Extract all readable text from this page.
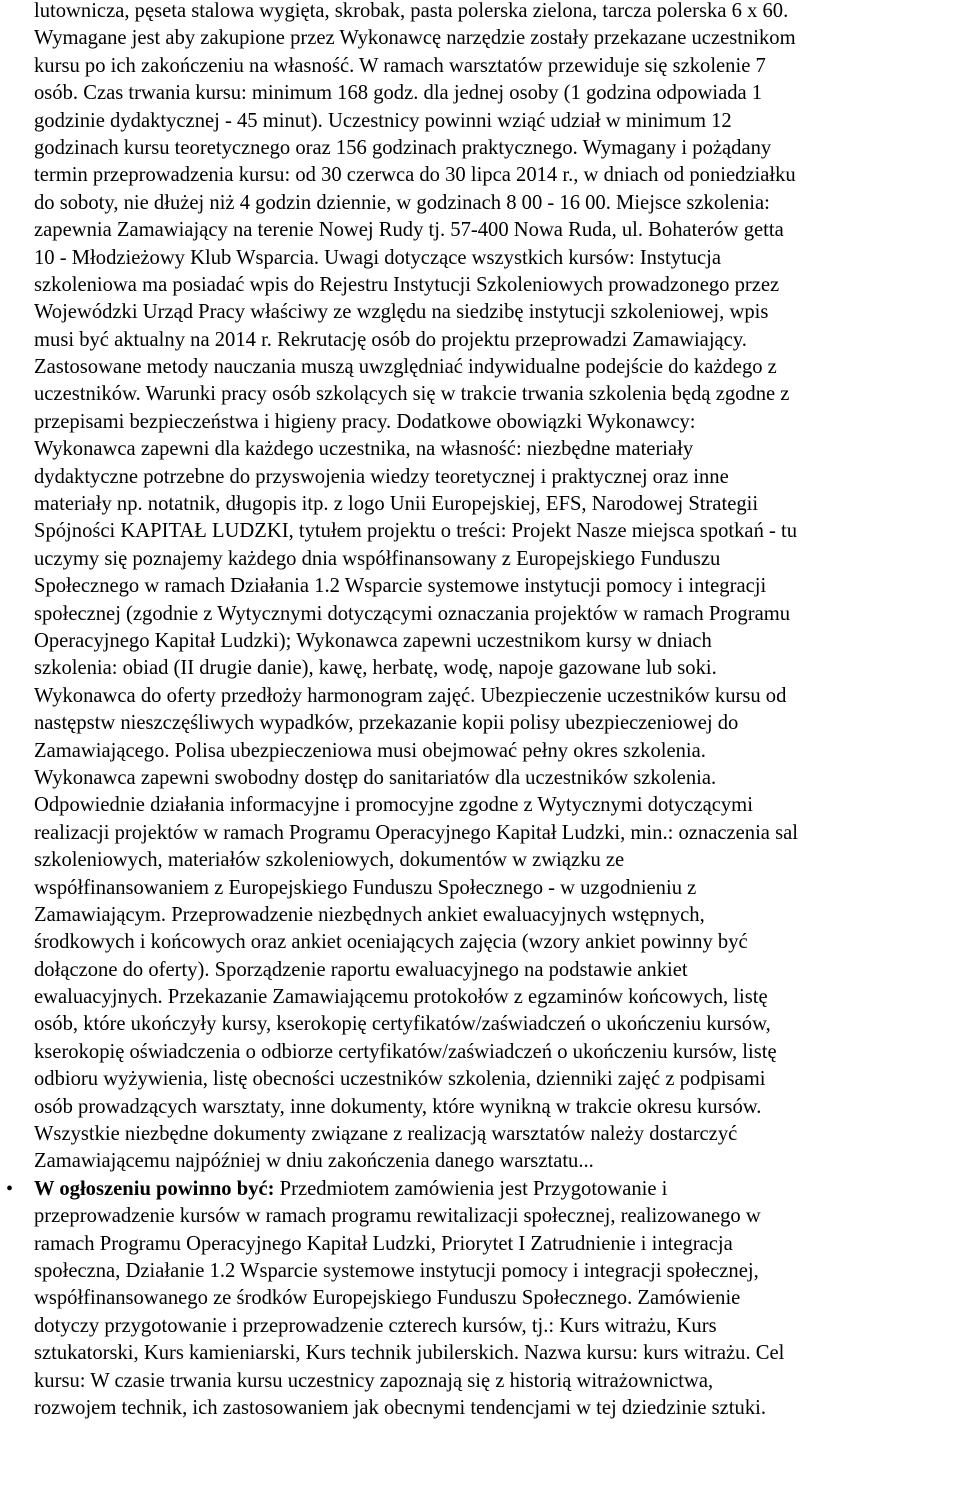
lutownicza, pęseta stalowa wygięta, skrobak, pasta polerska zielona, tarcza polerska 6 x 60.
Wymagane jest aby zakupione przez Wykonawcę narzędzie zostały przekazane uczestnikom
kursu po ich zakończeniu na własność. W ramach warsztatów przewiduje się szkolenie 7
osób. Czas trwania kursu: minimum 168 godz. dla jednej osoby (1 godzina odpowiada 1
godzinie dydaktycznej - 45 minut). Uczestnicy powinni wziąć udział w minimum 12
godzinach kursu teoretycznego oraz 156 godzinach praktycznego. Wymagany i pożądany
termin przeprowadzenia kursu: od 30 czerwca do 30 lipca 2014 r., w dniach od poniedziałku
do soboty, nie dłużej niż 4 godzin dziennie, w godzinach 8 00 - 16 00. Miejsce szkolenia:
zapewnia Zamawiający na terenie Nowej Rudy tj. 57-400 Nowa Ruda, ul. Bohaterów getta
10 - Młodzieżowy Klub Wsparcia. Uwagi dotyczące wszystkich kursów: Instytucja
szkoleniowa ma posiadać wpis do Rejestru Instytucji Szkoleniowych prowadzonego przez
Wojewódzki Urząd Pracy właściwy ze względu na siedzibę instytucji szkoleniowej, wpis
musi być aktualny na 2014 r. Rekrutację osób do projektu przeprowadzi Zamawiający.
Zastosowane metody nauczania muszą uwzględniać indywidualne podejście do każdego z
uczestników. Warunki pracy osób szkolących się w trakcie trwania szkolenia będą zgodne z
przepisami bezpieczeństwa i higieny pracy. Dodatkowe obowiązki Wykonawcy:
Wykonawca zapewni dla każdego uczestnika, na własność: niezbędne materiały
dydaktyczne potrzebne do przyswojenia wiedzy teoretycznej i praktycznej oraz inne
materiały np. notatnik, długopis itp. z logo Unii Europejskiej, EFS, Narodowej Strategii
Spójności KAPITAŁ LUDZKI, tytułem projektu o treści: Projekt Nasze miejsca spotkań - tu
uczymy się poznajemy każdego dnia współfinansowany z Europejskiego Funduszu
Społecznego w ramach Działania 1.2 Wsparcie systemowe instytucji pomocy i integracji
społecznej (zgodnie z Wytycznymi dotyczącymi oznaczania projektów w ramach Programu
Operacyjnego Kapitał Ludzki); Wykonawca zapewni uczestnikom kursy w dniach
szkolenia: obiad (II drugie danie), kawę, herbatę, wodę, napoje gazowane lub soki.
Wykonawca do oferty przedłoży harmonogram zajęć. Ubezpieczenie uczestników kursu od
następstw nieszczęśliwych wypadków, przekazanie kopii polisy ubezpieczeniowej do
Zamawiającego. Polisa ubezpieczeniowa musi obejmować pełny okres szkolenia.
Wykonawca zapewni swobodny dostęp do sanitariatów dla uczestników szkolenia.
Odpowiednie działania informacyjne i promocyjne zgodne z Wytycznymi dotyczącymi
realizacji projektów w ramach Programu Operacyjnego Kapitał Ludzki, min.: oznaczenia sal
szkoleniowych, materiałów szkoleniowych, dokumentów w związku ze
współfinansowaniem z Europejskiego Funduszu Społecznego - w uzgodnieniu z
Zamawiającym. Przeprowadzenie niezbędnych ankiet ewaluacyjnych wstępnych,
środkowych i końcowych oraz ankiet oceniających zajęcia (wzory ankiet powinny być
dołączone do oferty). Sporządzenie raportu ewaluacyjnego na podstawie ankiet
ewaluacyjnych. Przekazanie Zamawiającemu protokołów z egzaminów końcowych, listę
osób, które ukończyły kursy, kserokopię certyfikatów/zaświadczeń o ukończeniu kursów,
kserokopię oświadczenia o odbiorze certyfikatów/zaświadczeń o ukończeniu kursów, listę
odbioru wyżywienia, listę obecności uczestników szkolenia, dzienniki zajęć z podpisami
osób prowadzących warsztaty, inne dokumenty, które wynikną w trakcie okresu kursów.
Wszystkie niezbędne dokumenty związane z realizacją warsztatów należy dostarczyć
Zamawiającemu najpóźniej w dniu zakończenia danego warsztatu...
• W ogłoszeniu powinno być: Przedmiotem zamówienia jest Przygotowanie i
przeprowadzenie kursów w ramach programu rewitalizacji społecznej, realizowanego w
ramach Programu Operacyjnego Kapitał Ludzki, Priorytet I Zatrudnienie i integracja
społeczna, Działanie 1.2 Wsparcie systemowe instytucji pomocy i integracji społecznej,
współfinansowanego ze środków Europejskiego Funduszu Społecznego. Zamówienie
dotyczy przygotowanie i przeprowadzenie czterech kursów, tj.: Kurs witrażu, Kurs
sztukatorski, Kurs kamieniarski, Kurs technik jubilerskich. Nazwa kursu: kurs witrażu. Cel
kursu: W czasie trwania kursu uczestnicy zapoznają się z historią witrażownictwa,
rozwojem technik, ich zastosowaniem jak obecnymi tendencjami w tej dziedzinie sztuki.
